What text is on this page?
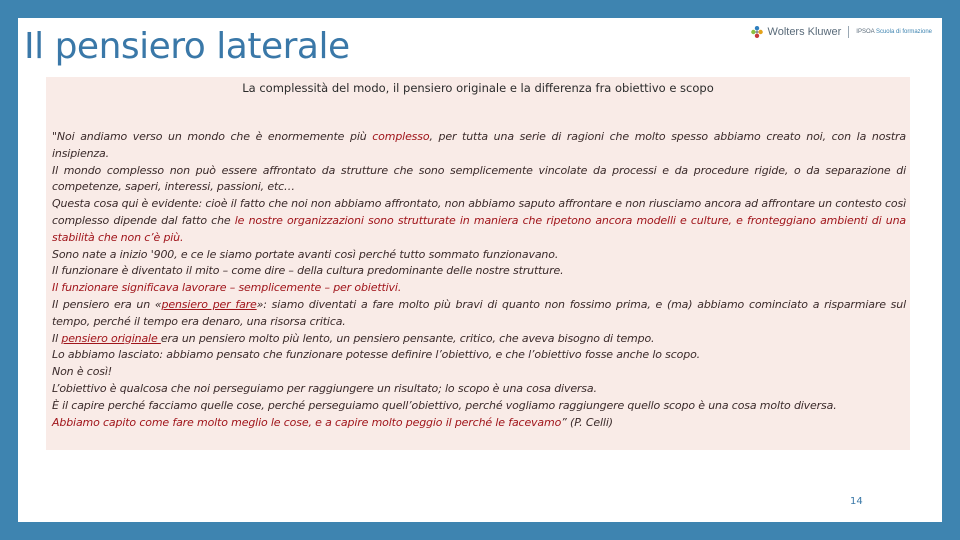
Il pensiero laterale	Wolters Kluwer	IPSOA Scuola di formazione
La complessità del modo, il pensiero originale e la differenza fra obiettivo e scopo

"Noi andiamo verso un mondo che è enormemente più complesso, per tutta una serie di ragioni che molto spesso abbiamo creato noi, con la nostra insipienza.

Il mondo complesso non può essere affrontato da strutture che sono semplicemente vincolate da processi e da procedure rigide, o da separazione di competenze, saperi, interessi, passioni, etc…

Questa cosa qui è evidente: cioè il fatto che noi non abbiamo affrontato, non abbiamo saputo affrontare e non riusciamo ancora ad affrontare un contesto così complesso dipende dal fatto che le nostre organizzazioni sono strutturate in maniera che ripetono ancora modelli e culture, e fronteggiano ambienti di una stabilità che non c’è più.

Sono nate a inizio '900, e ce le siamo portate avanti così perché tutto sommato funzionavano.

Il funzionare è diventato il mito – come dire – della cultura predominante delle nostre strutture.

Il funzionare significava lavorare – semplicemente – per obiettivi.

Il pensiero era un «pensiero per fare»: siamo diventati a fare molto più bravi di quanto non fossimo prima, e (ma) abbiamo cominciato a risparmiare sul tempo, perché il tempo era denaro, una risorsa critica.

Il pensiero originale era un pensiero molto più lento, un pensiero pensante, critico, che aveva bisogno di tempo.

Lo abbiamo lasciato: abbiamo pensato che funzionare potesse definire l’obiettivo, e che l’obiettivo fosse anche lo scopo.

Non è così!

L’obiettivo è qualcosa che noi perseguiamo per raggiungere un risultato; lo scopo è una cosa diversa.

È il capire perché facciamo quelle cose, perché perseguiamo quell’obiettivo, perché vogliamo raggiungere quello scopo è una cosa molto diversa.

Abbiamo capito come fare molto meglio le cose, e a capire molto peggio il perché le facevamo” (P. Celli)

14
